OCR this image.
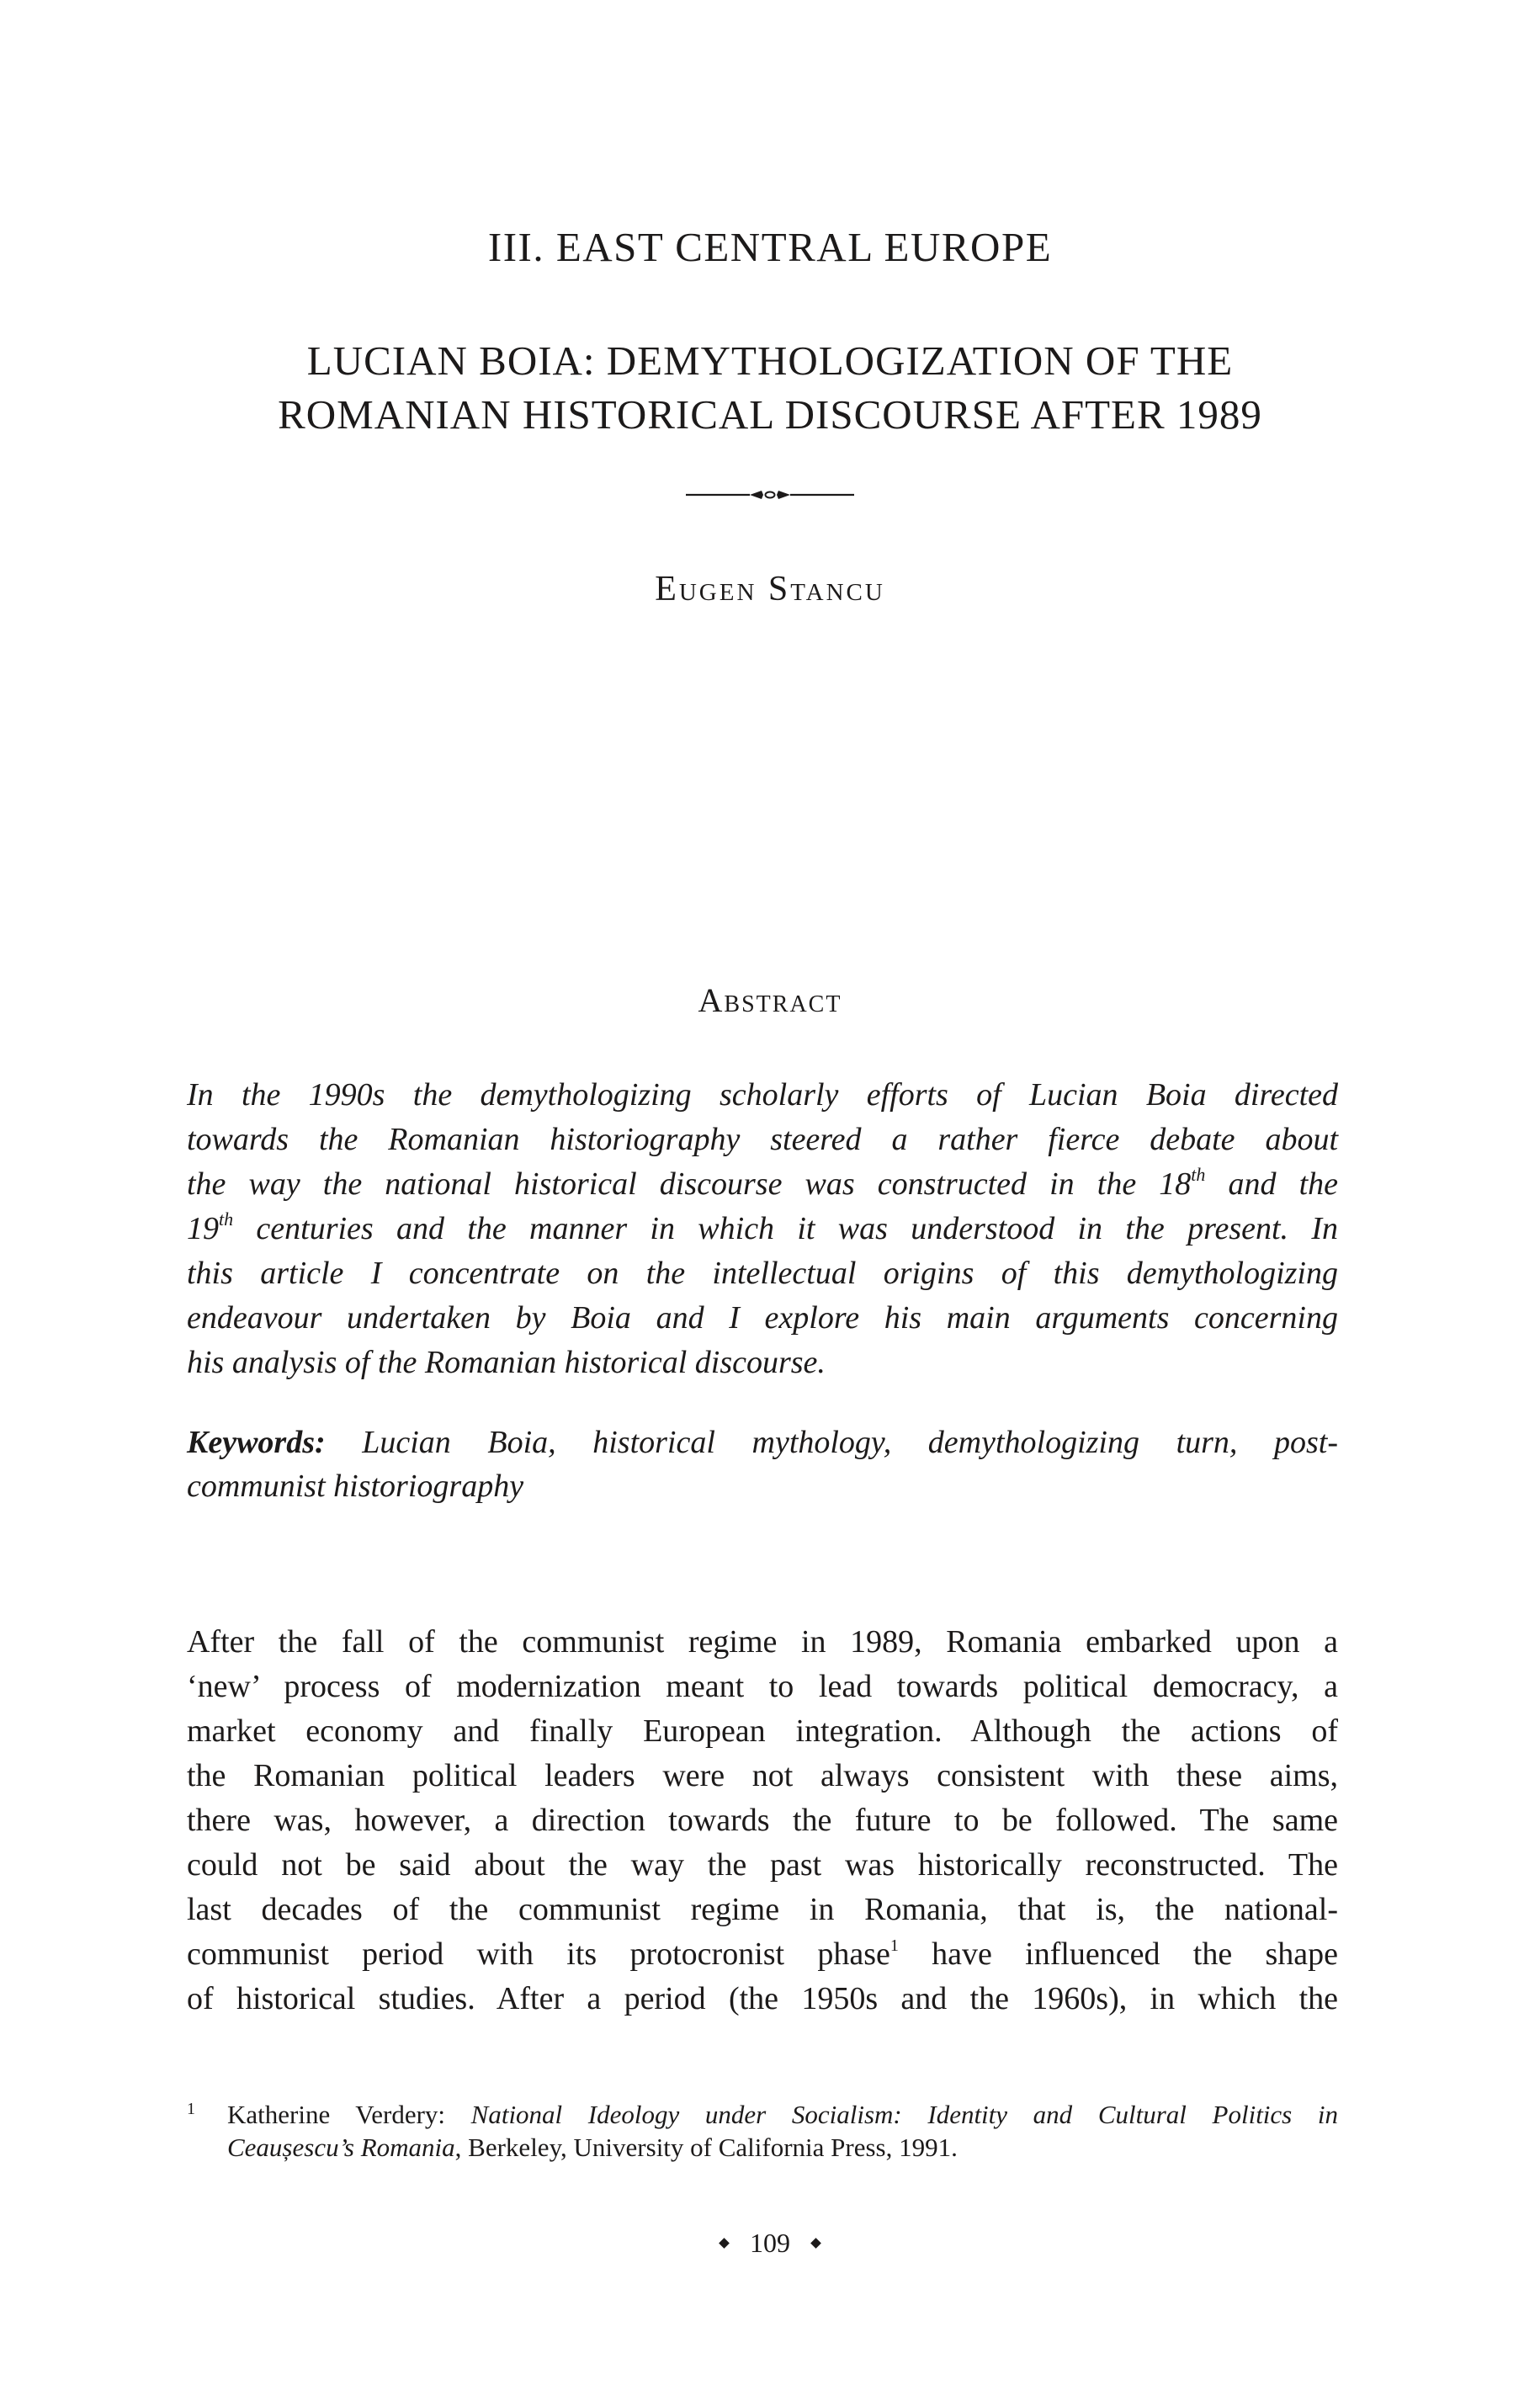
III. EAST CENTRAL EUROPE
LUCIAN BOIA: DEMYTHOLOGIZATION OF THE
ROMANIAN HISTORICAL DISCOURSE AFTER 1989
Eugen Stancu
Abstract
In the 1990s the demythologizing scholarly efforts of Lucian Boia directed
towards the Romanian historiography steered a rather fierce debate about
the way the national historical discourse was constructed in the 18th and the
19th centuries and the manner in which it was understood in the present. In
this article I concentrate on the intellectual origins of this demythologizing
endeavour undertaken by Boia and I explore his main arguments concerning
his analysis of the Romanian historical discourse.
Keywords: Lucian Boia, historical mythology, demythologizing turn, post-
communist historiography
After the fall of the communist regime in 1989, Romania embarked upon a
‘new’ process of modernization meant to lead towards political democracy, a
market economy and finally European integration. Although the actions of
the Romanian political leaders were not always consistent with these aims,
there was, however, a direction towards the future to be followed. The same
could not be said about the way the past was historically reconstructed. The
last decades of the communist regime in Romania, that is, the national-
communist period with its protocronist phase$^1$ have influenced the shape
of historical studies. After a period (the 1950s and the 1960s), in which the
1 Katherine Verdery: National Ideology under Socialism: Identity and Cultural Politics in
Ceaușescu’s Romania, Berkeley, University of California Press, 1991.
109
